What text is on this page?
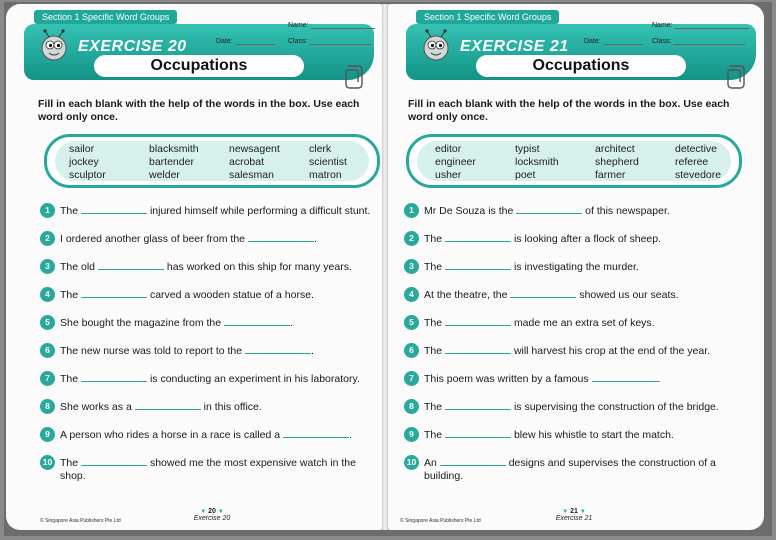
Section 1 Specific Word Groups
EXERCISE 20
Occupations
Name:
Date:	Class:
Fill in each blank with the help of the words in the box. Use each word only once.
sailor	blacksmith	newsagent	clerk
jockey	bartender	acrobat	scientist
sculptor	welder	salesman	matron
1 The	injured himself while performing a difficult stunt.
2 I ordered another glass of beer from the	.
3 The old	has worked on this ship for many years.
4 The	carved a wooden statue of a horse.
5 She bought the magazine from the	.
6 The new nurse was told to report to the	.
7 The	is conducting an experiment in his laboratory.
8 She works as a	in this office.
9 A person who rides a horse in a race is called a	.
10 The	showed me the most expensive watch in the shop.
© Singapore Asia Publishers Pte Ltd
▼ 20 ▼
Exercise 20
Section 1 Specific Word Groups
EXERCISE 21
Occupations
Name:
Date:	Class:
Fill in each blank with the help of the words in the box. Use each word only once.
editor	typist	architect	detective
engineer	locksmith	shepherd	referee
usher	poet	farmer	stevedore
1 Mr De Souza is the	of this newspaper.
2 The	is looking after a flock of sheep.
3 The	is investigating the murder.
4 At the theatre, the	showed us our seats.
5 The	made me an extra set of keys.
6 The	will harvest his crop at the end of the year.
7 This poem was written by a famous	.
8 The	is supervising the construction of the bridge.
9 The	blew his whistle to start the match.
10 An	designs and supervises the construction of a building.
© Singapore Asia Publishers Pte Ltd
▼ 21 ▼
Exercise 21
